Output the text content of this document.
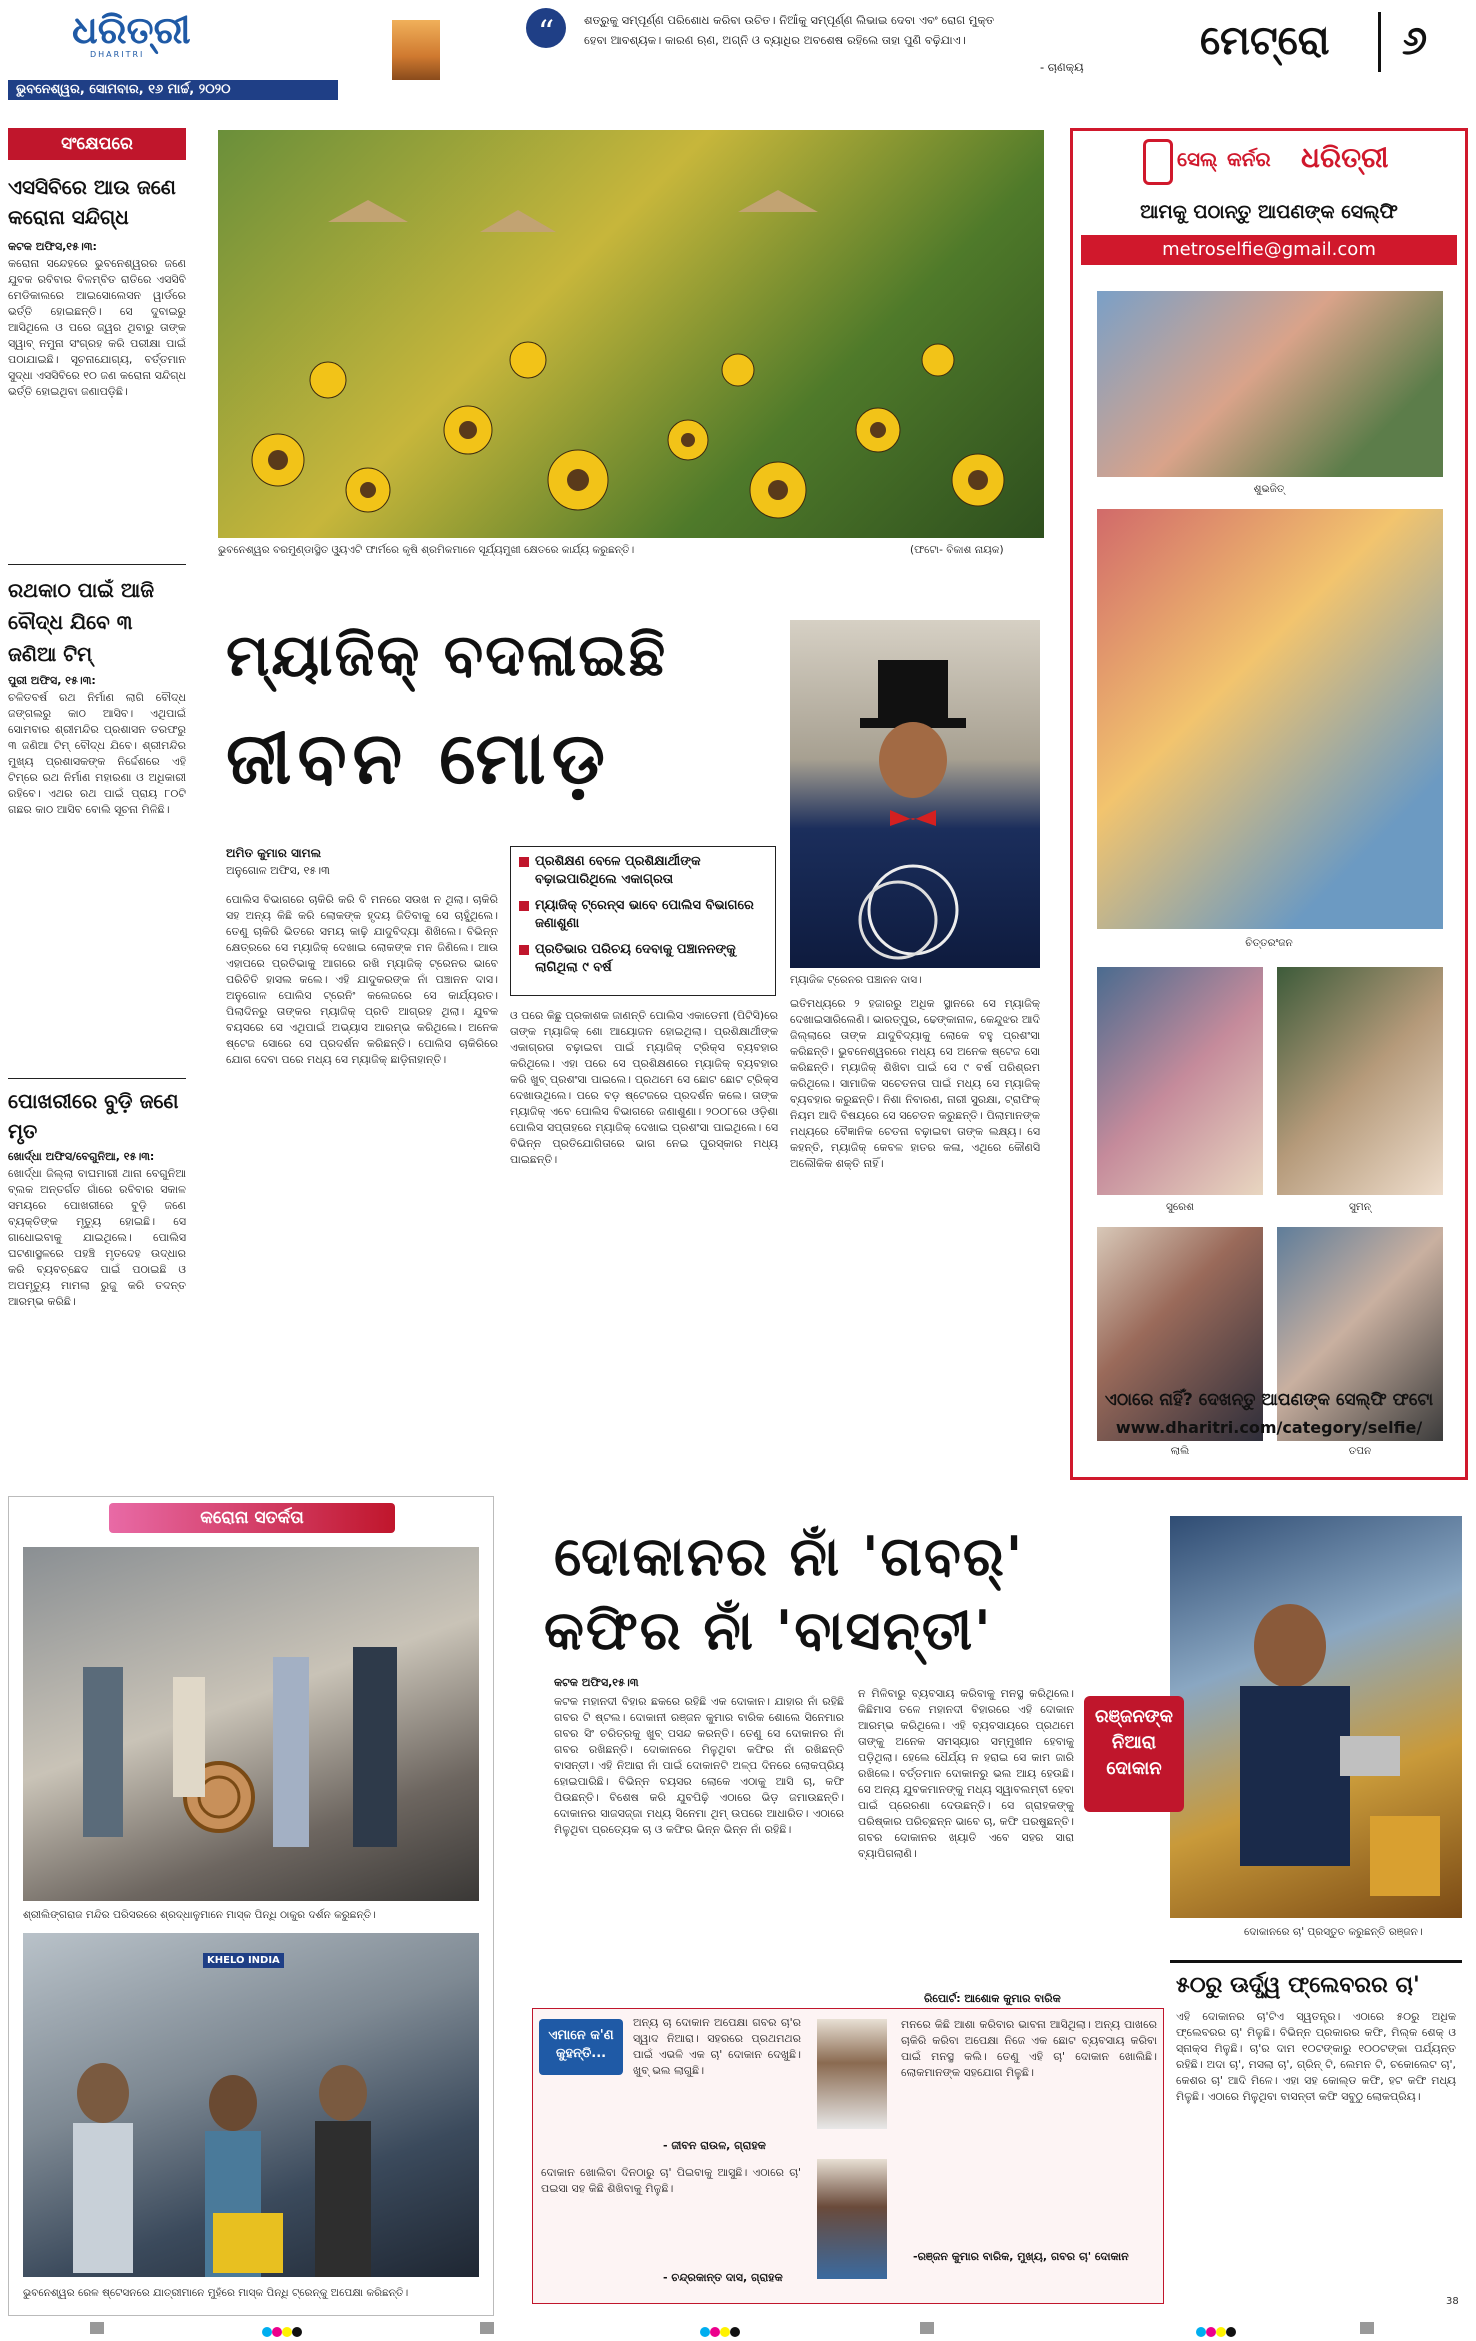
ଧରିତ୍ରୀ
DHARITRI
ଭୁବନେଶ୍ୱର, ସୋମବାର, ୧୬ ମାର୍ଚ୍ଚ, ୨୦୨୦
“	ଶତ୍ରୁକୁ ସମ୍ପୂର୍ଣ୍ଣ ପରିଶୋଧ କରିବା ଉଚିତ। ନିଆଁକୁ ସମ୍ପୂର୍ଣ୍ଣ ଲିଭାଇ ଦେବା ଏବଂ ରୋଗ ମୁକ୍ତ
ହେବା ଆବଶ୍ୟକ। କାରଣ ଋଣ, ଅଗ୍ନି ଓ ବ୍ୟାଧିର ଅବଶେଷ ରହିଲେ ତାହା ପୁଣି ବଢ଼ିଯାଏ।
- ଚାଣକ୍ୟ
ମେଟ୍ରୋ ୬
ସଂକ୍ଷେପରେ
ଏସସିବିରେ ଆଉ ଜଣେ କରୋନା ସନ୍ଦିଗ୍ଧ
କଟକ ଅଫିସ,୧୫।୩:
କରୋନା ସନ୍ଦେହରେ ଭୁବନେଶ୍ୱରର ଜଣେ ଯୁବକ ରବିବାର ବିଳମ୍ବିତ ରାତିରେ ଏସସିବି ମେଡିକାଲରେ ଆଇସୋଲେସନ ୱାର୍ଡରେ ଭର୍ତ୍ତି ହୋଇଛନ୍ତି। ସେ ଦୁବାଇରୁ ଆସିଥିଲେ ଓ ପରେ ଜ୍ୱର ଥିବାରୁ ତାଙ୍କ ସ୍ୱାବ୍ ନମୁନା ସଂଗ୍ରହ କରି ପରୀକ୍ଷା ପାଇଁ ପଠାଯାଇଛି। ସୂଚନାଯୋଗ୍ୟ, ବର୍ତ୍ତମାନ ସୁଦ୍ଧା ଏସସିବିରେ ୧୦ ଜଣ କରୋନା ସନ୍ଦିଗ୍ଧ ଭର୍ତ୍ତି ହୋଇଥିବା ଜଣାପଡ଼ିଛି।
ରଥକାଠ ପାଇଁ ଆଜି ବୌଦ୍ଧ ଯିବେ ୩ ଜଣିଆ ଟିମ୍
ପୁରୀ ଅଫିସ, ୧୫।୩:
ଚଳିତବର୍ଷ ରଥ ନିର୍ମାଣ ଲାଗି ବୌଦ୍ଧ ଜଙ୍ଗଲରୁ କାଠ ଆସିବ। ଏଥିପାଇଁ ସୋମବାର ଶ୍ରୀମନ୍ଦିର ପ୍ରଶାସନ ତରଫରୁ ୩ ଜଣିଆ ଟିମ୍ ବୌଦ୍ଧ ଯିବେ। ଶ୍ରୀମନ୍ଦିର ମୁଖ୍ୟ ପ୍ରଶାସକଙ୍କ ନିର୍ଦ୍ଦେଶରେ ଏହି ଟିମ୍‌ରେ ରଥ ନିର୍ମାଣ ମହାରଣା ଓ ଅଧିକାରୀ ରହିବେ। ଏଥର ରଥ ପାଇଁ ପ୍ରାୟ ୮୦ଟି ଗଛର କାଠ ଆସିବ ବୋଲି ସୂଚନା ମିଳିଛି।
ପୋଖରୀରେ ବୁଡ଼ି ଜଣେ ମୃତ
ଖୋର୍ଦ୍ଧା ଅଫିସ/ବେଗୁନିଆ, ୧୫।୩:
ଖୋର୍ଦ୍ଧା ଜିଲ୍ଲା ବାଘମାରୀ ଥାନା ବେଗୁନିଆ ବ୍ଲକ ଅନ୍ତର୍ଗତ ଗାଁରେ ରବିବାର ସକାଳ ସମୟରେ ପୋଖରୀରେ ବୁଡ଼ି ଜଣେ ବ୍ୟକ୍ତିଙ୍କ ମୃତ୍ୟୁ ହୋଇଛି। ସେ ଗାଧୋଇବାକୁ ଯାଇଥିଲେ। ପୋଲିସ ଘଟଣାସ୍ଥଳରେ ପହଞ୍ଚି ମୃତଦେହ ଉଦ୍ଧାର କରି ବ୍ୟବଚ୍ଛେଦ ପାଇଁ ପଠାଇଛି ଓ ଅପମୃତ୍ୟୁ ମାମଲା ରୁଜୁ କରି ତଦନ୍ତ ଆରମ୍ଭ କରିଛି।
ଭୁବନେଶ୍ୱର ବରମୁଣ୍ଡାସ୍ଥିତ ଓ୍ୟୁଏଟି ଫାର୍ମରେ କୃଷି ଶ୍ରମିକମାନେ ସୂର୍ଯ୍ୟମୁଖୀ କ୍ଷେତରେ କାର୍ଯ୍ୟ କରୁଛନ୍ତି।	(ଫଟୋ- ବିକାଶ ନାୟକ)
ମ୍ୟାଜିକ୍ ବଦଳାଇଛି
ଜୀବନ ମୋଡ଼
ମ୍ୟାଜିକ ଟ୍ରେନର ପଞ୍ଚାନନ ଦାସ।
ଅମିତ କୁମାର ସାମଲ
ଅନୁଗୋଳ ଅଫିସ, ୧୫।୩
ପ୍ରଶିକ୍ଷଣ ବେଳେ ପ୍ରଶିକ୍ଷାର୍ଥୀଙ୍କ ବଢ଼ାଇପାରିଥିଲେ ଏକାଗ୍ରତା
ମ୍ୟାଜିକ୍ ଟ୍ରେନ୍ସ ଭାବେ ପୋଲିସ ବିଭାଗରେ ଜଣାଶୁଣା
ପ୍ରତିଭାର ପରିଚୟ ଦେବାକୁ ପଞ୍ଚାନନଙ୍କୁ ଲାଗିଥିଲା ୯ ବର୍ଷ
ପୋଲିସ ବିଭାଗରେ ଚାକିରି କରି ବି ମନରେ ସଉଖ ନ ଥିଲା। ଚାକିରି ସହ ଅନ୍ୟ କିଛି କରି ଲୋକଙ୍କ ହୃଦୟ ଜିତିବାକୁ ସେ ଚାହୁଁଥିଲେ। ତେଣୁ ଚାକିରି ଭିତରେ ସମୟ କାଢ଼ି ଯାଦୁବିଦ୍ୟା ଶିଖିଲେ। ବିଭିନ୍ନ କ୍ଷେତ୍ରରେ ସେ ମ୍ୟାଜିକ୍ ଦେଖାଇ ଲୋକଙ୍କ ମନ ଜିଣିଲେ। ଆଉ ଏହାପରେ ପ୍ରତିଭାକୁ ଆଗରେ ରଖି ମ୍ୟାଜିକ୍ ଟ୍ରେନର ଭାବେ ପରିଚିତି ହାସଲ କଲେ। ଏହି ଯାଦୁକରଙ୍କ ନାଁ ପଞ୍ଚାନନ ଦାସ। ଅନୁଗୋଳ ପୋଲିସ ଟ୍ରେନିଂ କଲେଜରେ ସେ କାର୍ଯ୍ୟରତ। ପିଲାଦିନରୁ ତାଙ୍କର ମ୍ୟାଜିକ୍ ପ୍ରତି ଆଗ୍ରହ ଥିଲା। ଯୁବକ ବୟସରେ ସେ ଏଥିପାଇଁ ଅଭ୍ୟାସ ଆରମ୍ଭ କରିଥିଲେ। ଅନେକ ଷ୍ଟେଜ ସୋରେ ସେ ପ୍ରଦର୍ଶନ କରିଛନ୍ତି। ପୋଲିସ ଚାକିରିରେ ଯୋଗ ଦେବା ପରେ ମଧ୍ୟ ସେ ମ୍ୟାଜିକ୍ ଛାଡ଼ିନାହାନ୍ତି।
ଓ ପରେ କିଛୁ ପ୍ରକାଶକ ଜାଣନ୍ତି ପୋଲିସ ଏକାଡେମୀ (ପିଟିସି)ରେ ତାଙ୍କ ମ୍ୟାଜିକ୍ ଶୋ ଆୟୋଜନ ହୋଇଥିଲା। ପ୍ରଶିକ୍ଷାର୍ଥୀଙ୍କ ଏକାଗ୍ରତା ବଢ଼ାଇବା ପାଇଁ ମ୍ୟାଜିକ୍ ଟ୍ରିକ୍ସ ବ୍ୟବହାର କରିଥିଲେ। ଏହା ପରେ ସେ ପ୍ରଶିକ୍ଷଣରେ ମ୍ୟାଜିକ୍ ବ୍ୟବହାର କରି ଖୁବ୍ ପ୍ରଶଂସା ପାଇଲେ। ପ୍ରଥମେ ସେ ଛୋଟ ଛୋଟ ଟ୍ରିକ୍ସ ଦେଖାଉଥିଲେ। ପରେ ବଡ଼ ଷ୍ଟେଜରେ ପ୍ରଦର୍ଶନ କଲେ। ତାଙ୍କ ମ୍ୟାଜିକ୍ ଏବେ ପୋଲିସ ବିଭାଗରେ ଜଣାଶୁଣା। ୨୦୦୮ରେ ଓଡ଼ିଶା ପୋଲିସ ସପ୍ତାହରେ ମ୍ୟାଜିକ୍ ଦେଖାଇ ପ୍ରଶଂସା ପାଇଥିଲେ। ସେ ବିଭିନ୍ନ ପ୍ରତିଯୋଗିତାରେ ଭାଗ ନେଇ ପୁରସ୍କାର ମଧ୍ୟ ପାଇଛନ୍ତି।
ଇତିମଧ୍ୟରେ ୨ ହଜାରରୁ ଅଧିକ ସ୍ଥାନରେ ସେ ମ୍ୟାଜିକ୍ ଦେଖାଇସାରିଲେଣି। ଭାରତ୍ପୁର, ଢେଙ୍କାନାଳ, କେନ୍ଦୁଝର ଆଦି ଜିଲ୍ଲାରେ ତାଙ୍କ ଯାଦୁବିଦ୍ୟାକୁ ଲୋକେ ବହୁ ପ୍ରଶଂସା କରିଛନ୍ତି। ଭୁବନେଶ୍ୱରରେ ମଧ୍ୟ ସେ ଅନେକ ଷ୍ଟେଜ ସୋ କରିଛନ୍ତି। ମ୍ୟାଜିକ୍ ଶିଖିବା ପାଇଁ ସେ ୯ ବର୍ଷ ପରିଶ୍ରମ କରିଥିଲେ। ସାମାଜିକ ସଚେତନତା ପାଇଁ ମଧ୍ୟ ସେ ମ୍ୟାଜିକ୍ ବ୍ୟବହାର କରୁଛନ୍ତି। ନିଶା ନିବାରଣ, ନାରୀ ସୁରକ୍ଷା, ଟ୍ରାଫିକ୍ ନିୟମ ଆଦି ବିଷୟରେ ସେ ସଚେତନ କରୁଛନ୍ତି। ପିଲାମାନଙ୍କ ମଧ୍ୟରେ ବୈଜ୍ଞାନିକ ଚେତନା ବଢ଼ାଇବା ତାଙ୍କ ଲକ୍ଷ୍ୟ। ସେ କହନ୍ତି, ମ୍ୟାଜିକ୍ କେବଳ ହାତର କଳା, ଏଥିରେ କୌଣସି ଅଲୌକିକ ଶକ୍ତି ନାହିଁ।
ସେଲ୍ କର୍ନର ଧରିତ୍ରୀ
ଆମକୁ ପଠାନ୍ତୁ ଆପଣଙ୍କ ସେଲ୍‌ଫି
metroselfie@gmail.com
ଶୁଭଜିତ୍
ଚିତ୍ତରଂଜନ
ସୁରେଶ	ସୁମନ୍
ଲାଲି	ତପନ
ଏଠାରେ ନାହିଁ? ଦେଖନ୍ତୁ ଆପଣଙ୍କ ସେଲ୍‌ଫି ଫଟୋ
www.dharitri.com/category/selfie/
କରୋନା ସତର୍କତା
ଶ୍ରୀଲିଙ୍ଗରାଜ ମନ୍ଦିର ପରିସରରେ ଶ୍ରଦ୍ଧାଳୁମାନେ ମାସ୍କ ପିନ୍ଧି ଠାକୁର ଦର୍ଶନ କରୁଛନ୍ତି।
KHELO INDIA
ଭୁବନେଶ୍ୱର ରେଳ ଷ୍ଟେସନରେ ଯାତ୍ରୀମାନେ ମୁହଁରେ ମାସ୍କ ପିନ୍ଧି ଟ୍ରେନ୍‌କୁ ଅପେକ୍ଷା କରିଛନ୍ତି।
ଦୋକାନର ନାଁ 'ଗବର୍'
କଫିର ନାଁ 'ବାସନ୍ତୀ'
ଦୋକାନରେ ଚା' ପ୍ରସ୍ତୁତ କରୁଛନ୍ତି ରଞ୍ଜନ।
ରଞ୍ଜନଙ୍କ ନିଆରା ଦୋକାନ
କଟକ ଅଫିସ,୧୫।୩
କଟକ ମହାନଦୀ ବିହାର ଛକରେ ରହିଛି ଏକ ଦୋକାନ। ଯାହାର ନାଁ ରହିଛି ଗବର ଟି ଷ୍ଟଲ। ଦୋକାନୀ ରଞ୍ଜନ କୁମାର ବାରିକ ଶୋଲେ ସିନେମାର ଗବର ସିଂ ଚରିତ୍ରକୁ ଖୁବ୍ ପସନ୍ଦ କରନ୍ତି। ତେଣୁ ସେ ଦୋକାନର ନାଁ ଗବର ରଖିଛନ୍ତି। ଦୋକାନରେ ମିଳୁଥିବା କଫିର ନାଁ ରଖିଛନ୍ତି ବାସନ୍ତୀ। ଏହି ନିଆରା ନାଁ ପାଇଁ ଦୋକାନଟି ଅଳ୍ପ ଦିନରେ ଲୋକପ୍ରିୟ ହୋଇପାରିଛି। ବିଭିନ୍ନ ବୟସର ଲୋକେ ଏଠାକୁ ଆସି ଚା, କଫି ପିଉଛନ୍ତି। ବିଶେଷ କରି ଯୁବପିଢ଼ି ଏଠାରେ ଭିଡ଼ ଜମାଉଛନ୍ତି। ଦୋକାନର ସାଜସଜ୍ଜା ମଧ୍ୟ ସିନେମା ଥିମ୍ ଉପରେ ଆଧାରିତ। ଏଠାରେ ମିଳୁଥିବା ପ୍ରତ୍ୟେକ ଚା ଓ କଫିର ଭିନ୍ନ ଭିନ୍ନ ନାଁ ରହିଛି।
ନ ମିଳିବାରୁ ବ୍ୟବସାୟ କରିବାକୁ ମନସ୍ଥ କରିଥିଲେ। କିଛିମାସ ତଳେ ମହାନଦୀ ବିହାରରେ ଏହି ଦୋକାନ ଆରମ୍ଭ କରିଥିଲେ। ଏହି ବ୍ୟବସାୟରେ ପ୍ରଥମେ ତାଙ୍କୁ ଅନେକ ସମସ୍ୟାର ସମ୍ମୁଖୀନ ହେବାକୁ ପଡ଼ିଥିଲା। ହେଲେ ଧୈର୍ଯ୍ୟ ନ ହରାଇ ସେ କାମ ଜାରି ରଖିଲେ। ବର୍ତ୍ତମାନ ଦୋକାନରୁ ଭଲ ଆୟ ହେଉଛି। ସେ ଅନ୍ୟ ଯୁବକମାନଙ୍କୁ ମଧ୍ୟ ସ୍ୱାବଲମ୍ବୀ ହେବା ପାଇଁ ପ୍ରେରଣା ଦେଉଛନ୍ତି। ସେ ଗ୍ରାହକଙ୍କୁ ପରିଷ୍କାର ପରିଚ୍ଛନ୍ନ ଭାବେ ଚା, କଫି ପରଷୁଛନ୍ତି। ଗବର ଦୋକାନର ଖ୍ୟାତି ଏବେ ସହର ସାରା ବ୍ୟାପିଗଲାଣି।
ରିପୋର୍ଟ: ଆଶୋକ କୁମାର ବାରିକ
ଏମାନେ କ'ଣ କୁହନ୍ତି...
ଅନ୍ୟ ଚା ଦୋକାନ ଅପେକ୍ଷା ଗବର ଚା'ର ସ୍ୱାଦ ନିଆରା। ସହରରେ ପ୍ରଥମଥର ପାଇଁ ଏଭଳି ଏକ ଚା' ଦୋକାନ ଦେଖୁଛି। ଖୁବ୍ ଭଲ ଲାଗୁଛି।
- ଜୀବନ ରାଉଳ, ଗ୍ରାହକ
ଦୋକାନ ଖୋଲିବା ଦିନଠାରୁ ଚା' ପିଇବାକୁ ଆସୁଛି। ଏଠାରେ ଚା' ପଇସା ସହ କିଛି ଶିଖିବାକୁ ମିଳୁଛି।
- ଚନ୍ଦ୍ରକାନ୍ତ ଦାସ, ଗ୍ରାହକ
ମନରେ କିଛି ଆଶା କରିବାର ଭାବନା ଆସିଥିଲା। ଅନ୍ୟ ପାଖରେ ଚାକିରି କରିବା ଅପେକ୍ଷା ନିଜେ ଏକ ଛୋଟ ବ୍ୟବସାୟ କରିବା ପାଇଁ ମନସ୍ଥ କଲି। ତେଣୁ ଏହି ଚା' ଦୋକାନ ଖୋଲିଛି। ଲୋକମାନଙ୍କ ସହଯୋଗ ମିଳୁଛି।
-ରଞ୍ଜନ କୁମାର ବାରିକ, ମୁଖ୍ୟ, ଗବର ଚା' ଦୋକାନ
୫୦ରୁ ଊର୍ଦ୍ଧ୍ୱ ଫ୍ଲେବରର ଚା'
ଏହି ଦୋକାନର ଚା'ଟିଏ ସ୍ୱତନ୍ତ୍ର। ଏଠାରେ ୫୦ରୁ ଅଧିକ ଫ୍ଲେବରର ଚା' ମିଳୁଛି। ବିଭିନ୍ନ ପ୍ରକାରର କଫି, ମିଲ୍କ ଶେକ୍ ଓ ସ୍ନାକ୍ସ ମିଳୁଛି। ଚା'ର ଦାମ ୧୦ଟଙ୍କାରୁ ୧୦୦ଟଙ୍କା ପର୍ଯ୍ୟନ୍ତ ରହିଛି। ଅଦା ଚା', ମସଲା ଚା', ଗ୍ରିନ୍ ଟି, ଲେମନ ଟି, ଚକୋଲେଟ ଚା', କେଶର ଚା' ଆଦି ମିଳେ। ଏହା ସହ କୋଲ୍ଡ କଫି, ହଟ କଫି ମଧ୍ୟ ମିଳୁଛି। ଏଠାରେ ମିଳୁଥିବା ବାସନ୍ତୀ କଫି ସବୁଠୁ ଲୋକପ୍ରିୟ।
38
